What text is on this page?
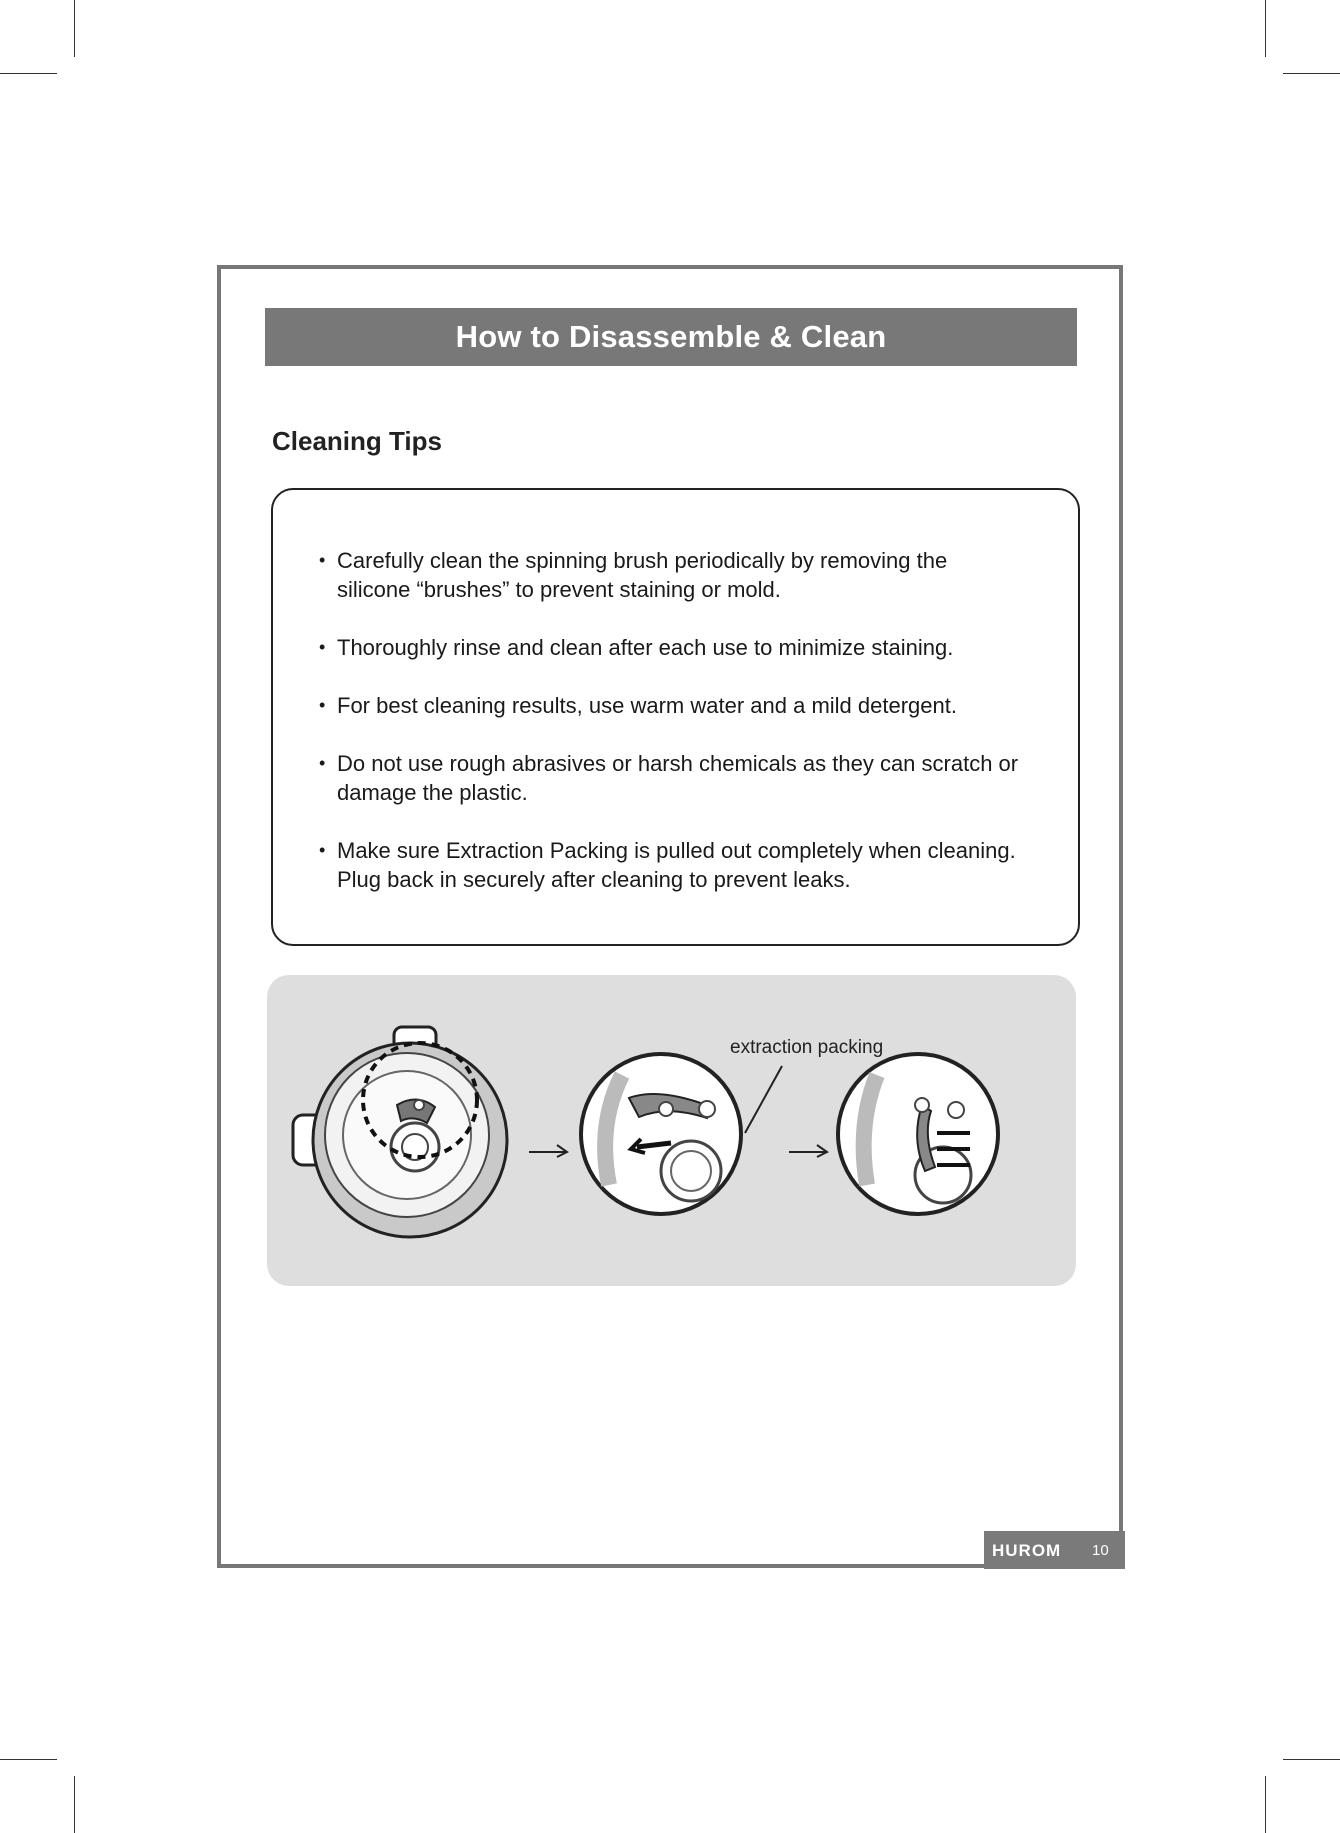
How to Disassemble & Clean
Cleaning Tips
• Carefully clean the spinning brush periodically by removing the silicone “brushes” to prevent staining or mold.
• Thoroughly rinse and clean after each use to minimize staining.
• For best cleaning results, use warm water and a mild detergent.
• Do not use rough abrasives or harsh chemicals as they can scratch or damage the plastic.
• Make sure Extraction Packing is pulled out completely when cleaning. Plug back in securely after cleaning to prevent leaks.
extraction packing
HUROM 10
